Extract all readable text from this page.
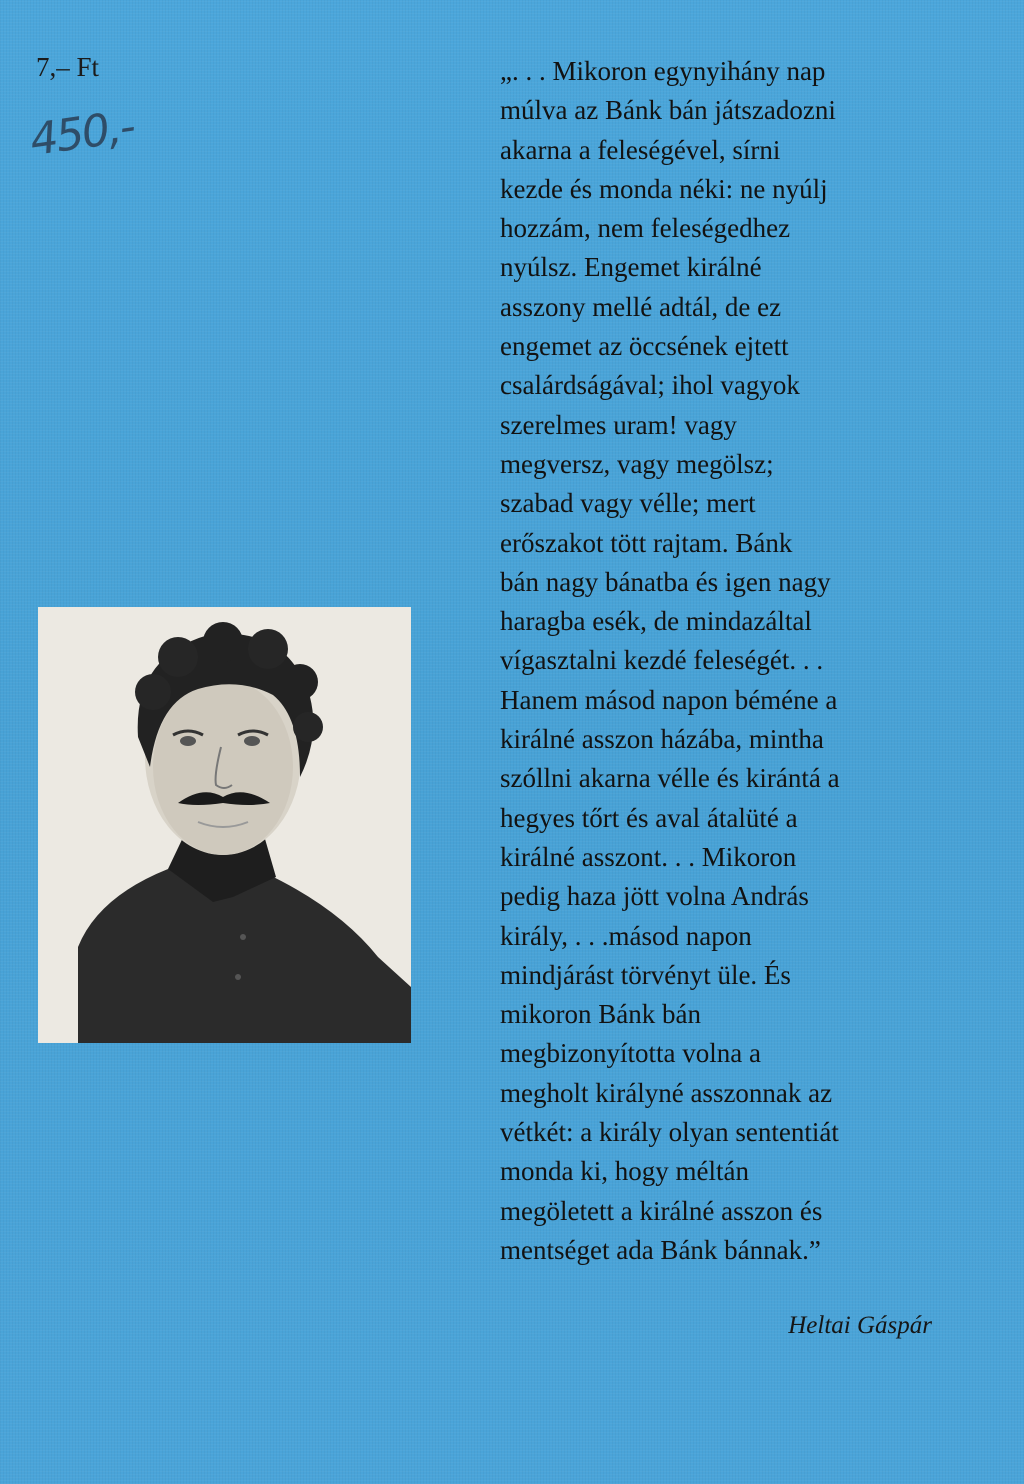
7,– Ft
450,-
„. . . Mikoron egynyihány nap
múlva az Bánk bán játszadozni
akarna a feleségével, sírni
kezde és monda néki: ne nyúlj
hozzám, nem feleségedhez
nyúlsz. Engemet királné
asszony mellé adtál, de ez
engemet az öccsének ejtett
csalárdságával; ihol vagyok
szerelmes uram! vagy
megversz, vagy megölsz;
szabad vagy vélle; mert
erőszakot tött rajtam. Bánk
bán nagy bánatba és igen nagy
haragba esék, de mindazáltal
vígasztalni kezdé feleségét. . .
Hanem másod napon béméne a
királné asszon házába, mintha
szóllni akarna vélle és kirántá a
hegyes tőrt és aval átalüté a
királné asszont. . . Mikoron
pedig haza jött volna András
király, . . .másod napon
mindjárást törvényt üle. És
mikoron Bánk bán
megbizonyította volna a
megholt királyné asszonnak az
vétkét: a király olyan sententiát
monda ki, hogy méltán
megöletett a királné asszon és
mentséget ada Bánk bánnak.”
Heltai Gáspár
